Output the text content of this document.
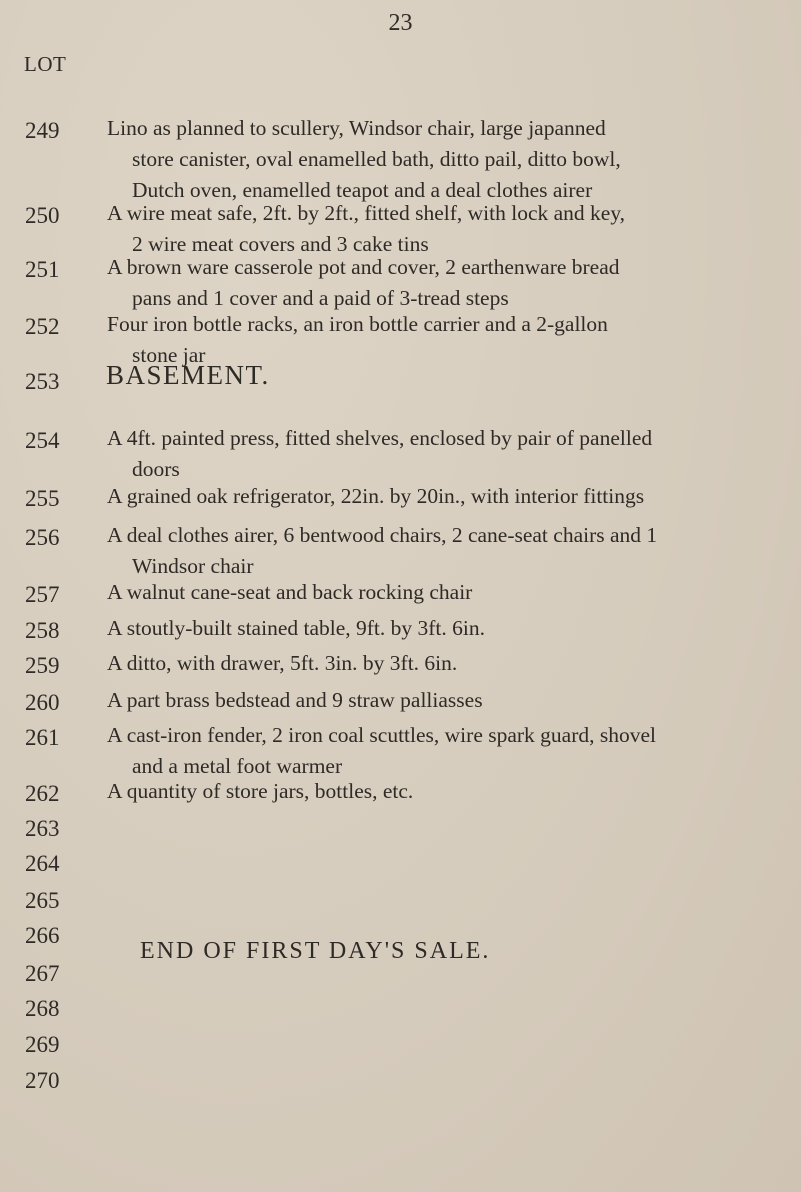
23
LOT
BASEMENT.
END OF FIRST DAY'S SALE.
249 Lino as planned to scullery, Windsor chair, large japanned
store canister, oval enamelled bath, ditto pail, ditto bowl,
Dutch oven, enamelled teapot and a deal clothes airer
250 A wire meat safe, 2ft. by 2ft., fitted shelf, with lock and key,
2 wire meat covers and 3 cake tins
251 A brown ware casserole pot and cover, 2 earthenware bread
pans and 1 cover and a paid of 3-tread steps
252 Four iron bottle racks, an iron bottle carrier and a 2-gallon
stone jar
253
254 A 4ft. painted press, fitted shelves, enclosed by pair of panelled
doors
255 A grained oak refrigerator, 22in. by 20in., with interior fittings
256 A deal clothes airer, 6 bentwood chairs, 2 cane-seat chairs and 1
Windsor chair
257 A walnut cane-seat and back rocking chair
258 A stoutly-built stained table, 9ft. by 3ft. 6in.
259 A ditto, with drawer, 5ft. 3in. by 3ft. 6in.
260 A part brass bedstead and 9 straw palliasses
261 A cast-iron fender, 2 iron coal scuttles, wire spark guard, shovel
and a metal foot warmer
262 A quantity of store jars, bottles, etc.
263
264
265
266
267
268
269
270
